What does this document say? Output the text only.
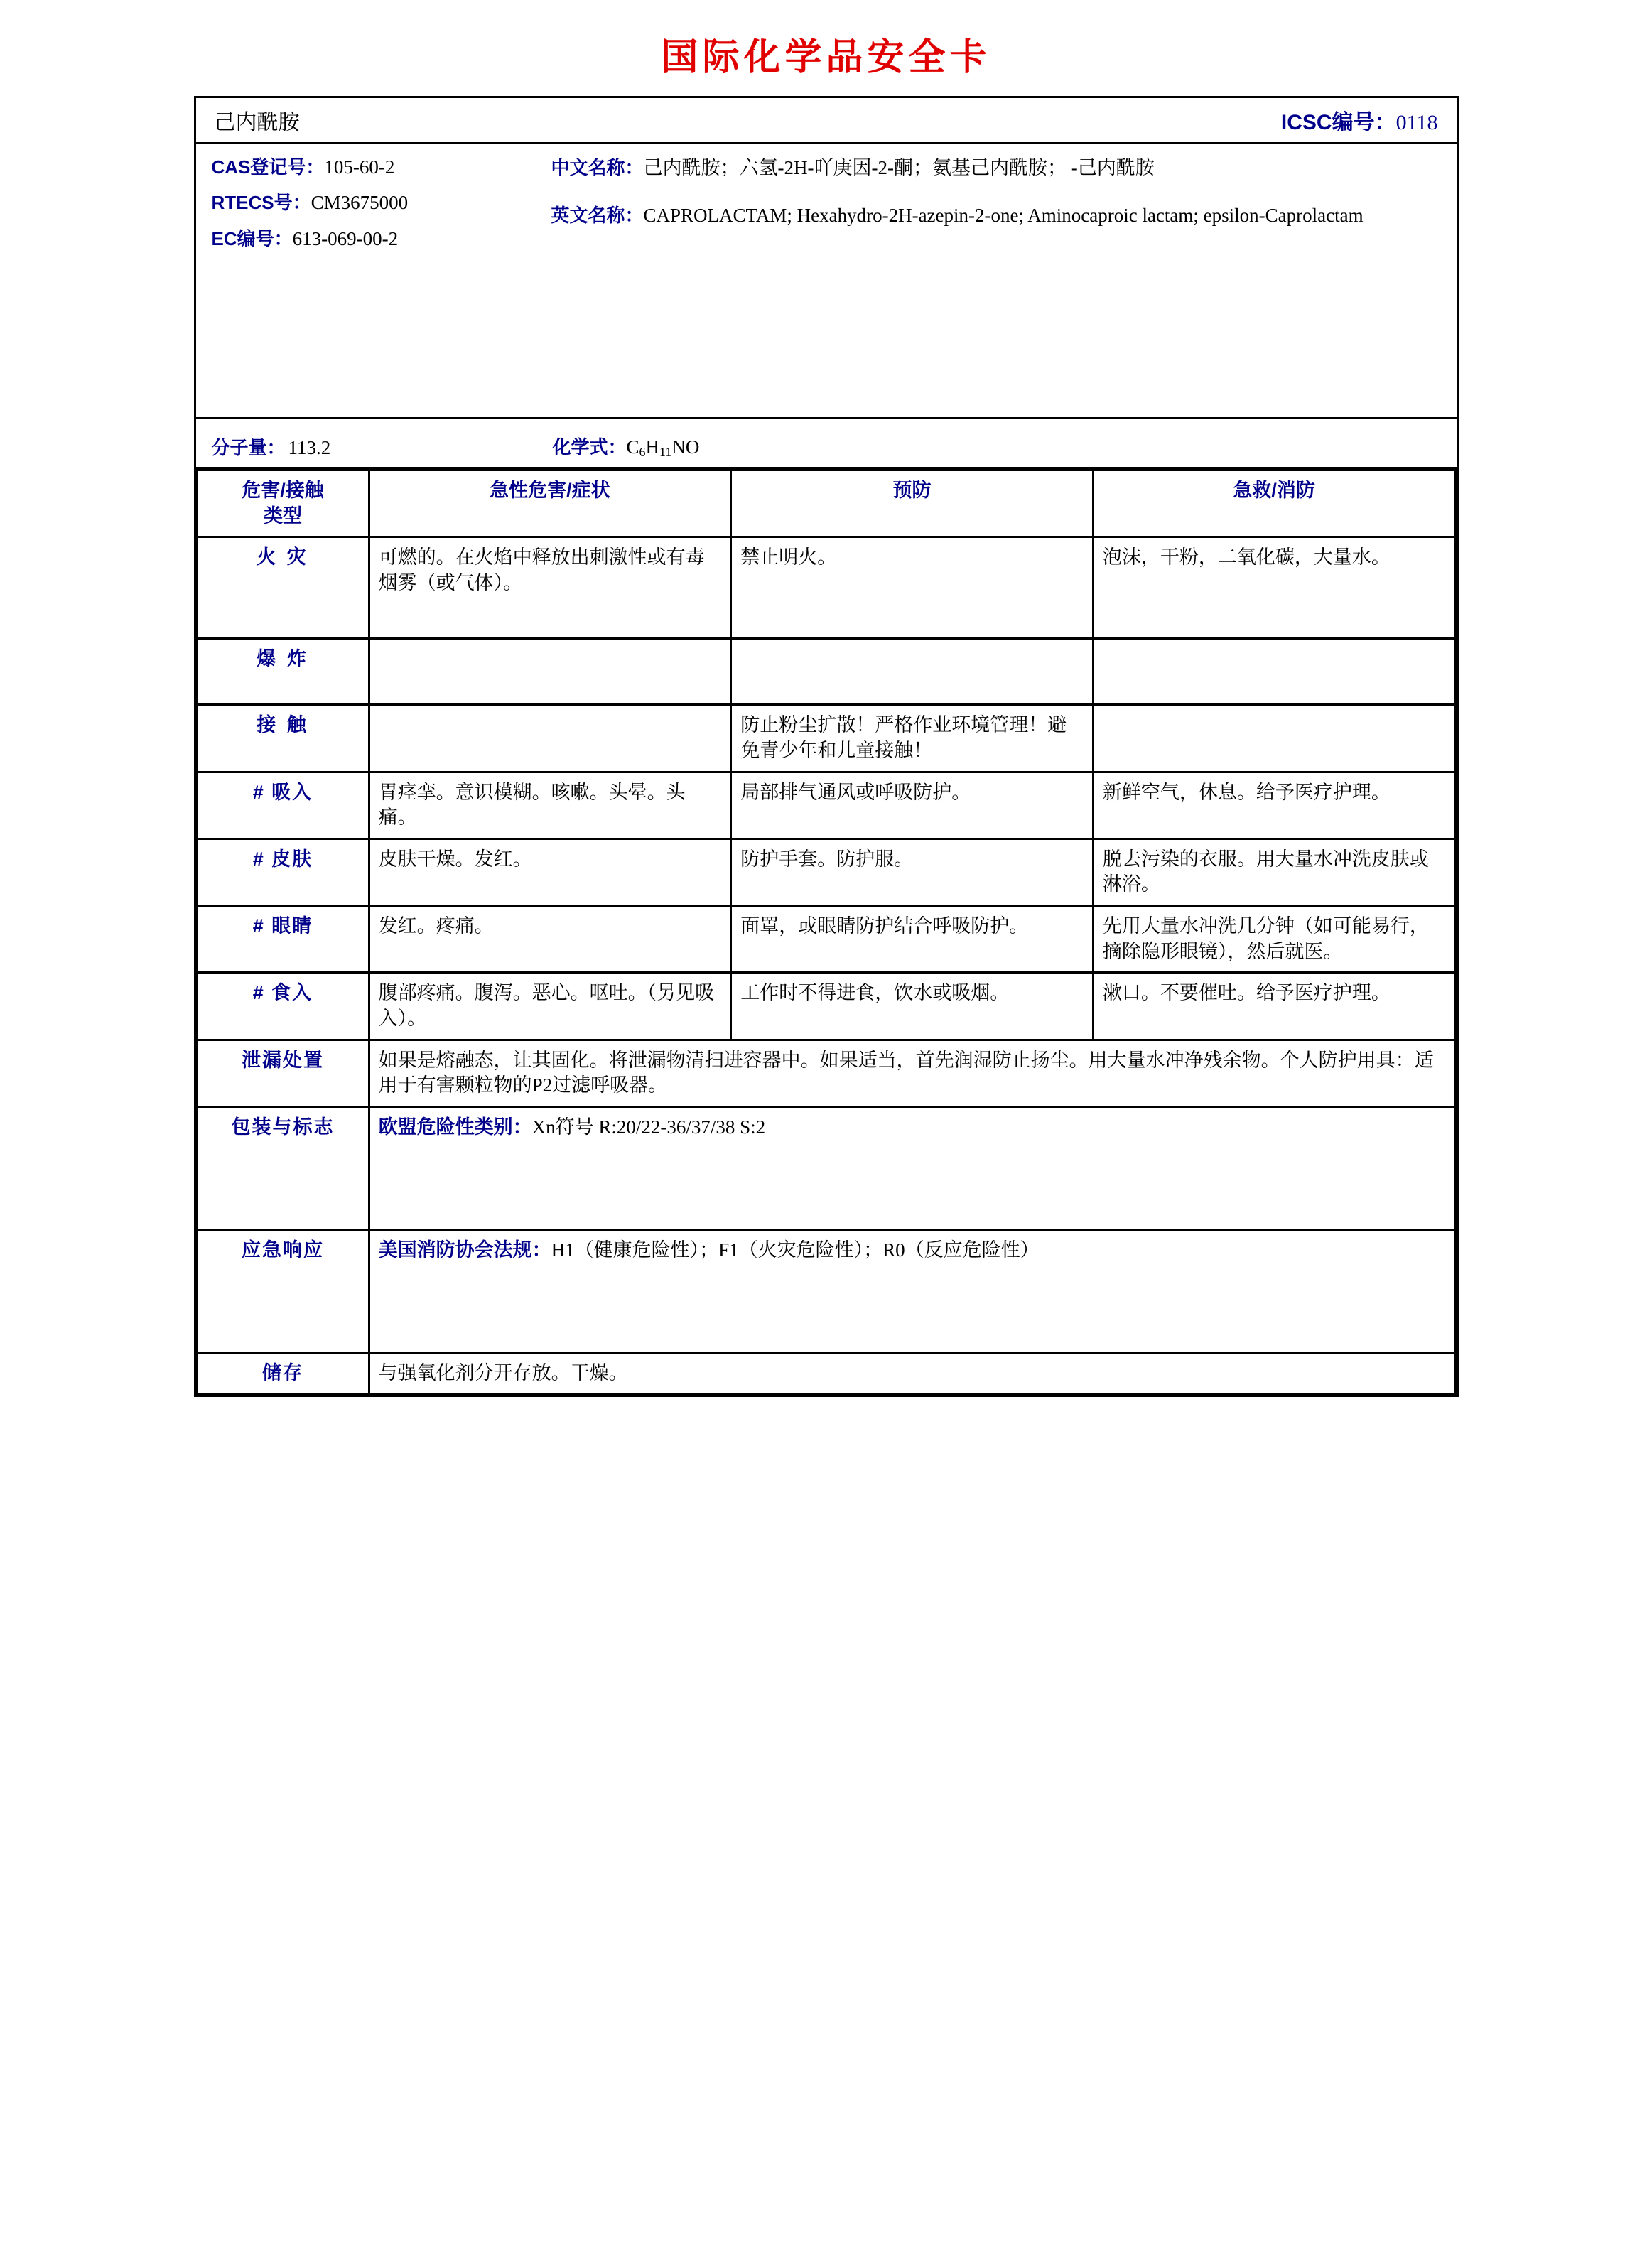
国际化学品安全卡
己内酰胺	ICSC编号：0118
CAS登记号：105-60-2
RTECS号：CM3675000
EC编号：613-069-00-2
中文名称：己内酰胺；六氢-2H-吖庚因-2-酮；氨基己内酰胺； -己内酰胺
英文名称：CAPROLACTAM; Hexahydro-2H-azepin-2-one; Aminocaproic lactam; epsilon-Caprolactam
分子量： 113.2	化学式：C6H11NO
危害/接触
类型	急性危害/症状	预防	急救/消防
火 灾	可燃的。在火焰中释放出刺激性或有毒烟雾（或气体）。	禁止明火。	泡沫，干粉，二氧化碳，大量水。
爆 炸			
接 触		防止粉尘扩散！严格作业环境管理！避免青少年和儿童接触！	
# 吸入	胃痉挛。意识模糊。咳嗽。头晕。头痛。	局部排气通风或呼吸防护。	新鲜空气，休息。给予医疗护理。
# 皮肤	皮肤干燥。发红。	防护手套。防护服。	脱去污染的衣服。用大量水冲洗皮肤或淋浴。
# 眼睛	发红。疼痛。	面罩，或眼睛防护结合呼吸防护。	先用大量水冲洗几分钟（如可能易行，摘除隐形眼镜），然后就医。
# 食入	腹部疼痛。腹泻。恶心。呕吐。（另见吸入）。	工作时不得进食，饮水或吸烟。	漱口。不要催吐。给予医疗护理。
泄漏处置	如果是熔融态，让其固化。将泄漏物清扫进容器中。如果适当，首先润湿防止扬尘。用大量水冲净残余物。个人防护用具：适用于有害颗粒物的P2过滤呼吸器。		
包装与标志	欧盟危险性类别：Xn符号 R:20/22-36/37/38 S:2		
应急响应	美国消防协会法规：H1（健康危险性）；F1（火灾危险性）；R0（反应危险性）		
储存	与强氧化剂分开存放。干燥。		
